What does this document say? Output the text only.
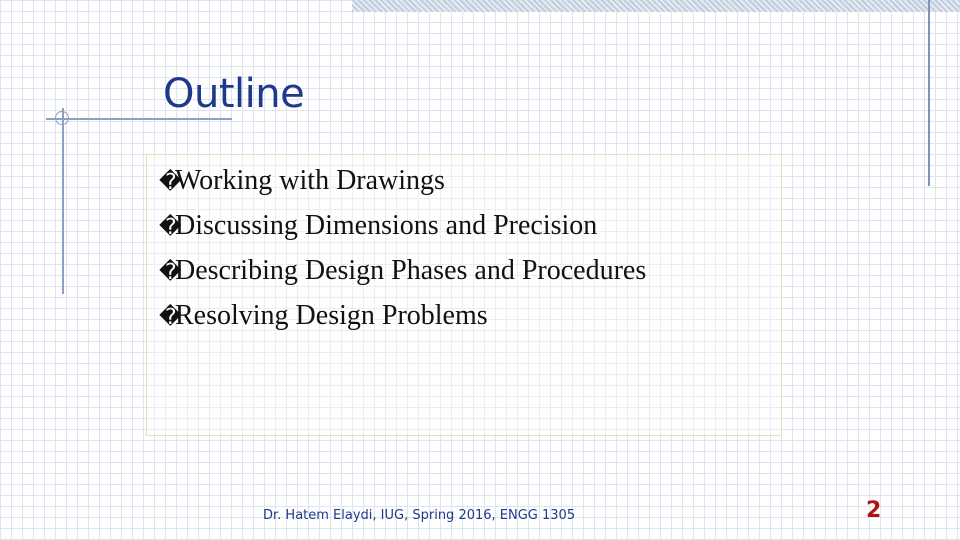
Outline
�Working with Drawings
�Discussing Dimensions and Precision
�Describing Design Phases and Procedures
�Resolving Design Problems
Dr. Hatem Elaydi, IUG, Spring 2016, ENGG 1305	2
